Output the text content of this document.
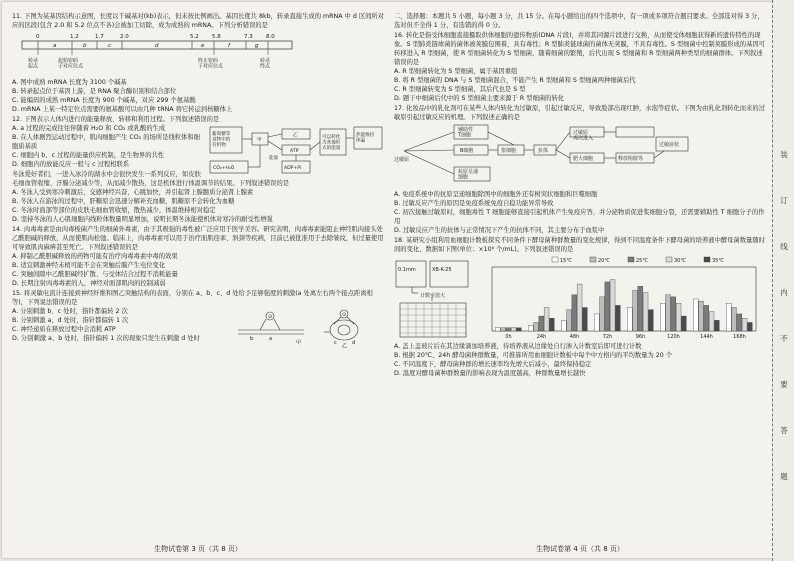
11. 下图为某基因结构示意图，长度以千碱基对(kb)表示，但未按比例画出。基因长度共 8kb，转录直接生成的 mRNA 中 d 区间所对应的区段(包含 2.0 和 5.2 位点不各)会被加工切除，成为成熟的 mRNA。下列分析错误的是

0	1.2	1.7	2.0	5.2 5.8	7.3 8.0
a	b	c	d	e	f	g
转录起点
起始密码子对应位点
终止密码子对应位点
转录终点
A. 图中成熟 mRNA 长度为 3100 个碱基
B. 转录起点位于基因上游，是 RNA 聚合酶识别和结合部位
C. 能编码的成熟 mRNA 长度为 900 个碱基，对应 299 个氨基酸
D. mRNA 上某一特定位点需要的氨基酸可以由几种 tRNA 将它转运到核糖体上

12. 下图表示人体内进行的能量释放、转移和利用过程。下列叙述错误的是

葡萄糖等食物中的有机物
甲
乙
ATP
可以转化为其他形式的能量
热能维持体温
CO₂+H₂O	ADP+Pi
能量
A. a 过程的完成往往伴随着 H₂O 和 CO₂ 或乳酸的生成
B. 在人体剧烈运动过程中，肌肉细胞产生 CO₂ 的场所是线粒体和细胞质基质
C. 细胞内 b、c 过程的能量供应机制，是生物界的共性
D. 细胞内的放能反应一般与 c 过程相联系

冬泳爱好者们，一进入冰冷的湖水中会很快发生一系列反应，如皮肤毛细血管收缩、汗腺分泌减少等，从而减少散热，这是机体进行体温调节的结果。下列叙述错误的是

A. 冬泳人受到寒冷刺激后，交感神经兴奋，心跳加快，并引起肾上腺髓质分泌肾上腺素
B. 冬泳人在游泳的过程中，肝糖原会迅速分解补充血糖，肌糖原不会转化为血糖
C. 冬泳时面部等部位的皮肤毛细血管收缩，散热减少，体温维持相对稳定
D. 坚持冬泳的人心肌细胞内线粒体数量明显增加，说明长期冬泳能使机体对寒冷的耐受性增强

14. 肉毒毒素是由肉毒梭菌产生的细菌外毒素，由于其极强的毒性被广泛应用于医学美容。研究表明，肉毒毒素能阻止神经肌肉接头处乙酰胆碱的释放，从而使肌肉松弛。临床上，肉毒毒素可以用于治疗面肌痉挛、斜颈等疾病，目前已被批准用于去除皱纹，但过量使用可导致肌肉麻痹甚至死亡。下列叙述错误的是

A. 抑制乙酰胆碱释放的药物可能有治疗肉毒毒素中毒的效果
B. 适宜刺激神经末梢可能不会在突触后膜产生电位变化
C. 突触间隙中乙酰胆碱经扩散、与受体结合过程不消耗能量
D. 长期注射肉毒毒素的人，神经对面部肌肉的控制减弱

15. 将灵敏电流计连接到神经纤维和图乙突触结构的表面，分别在 a、b、c、d 处给予足够强度的刺激(a 处离左右两个接点距离相等)，下列说法错误的是

⊙	⊙
a
b
c	d
甲	乙
A. 分别刺激 b、c 处时，指针都偏转 2 次
B. 分别刺激 a、d 处时，指针都偏转 1 次
C. 神经递质在释放过程中会消耗 ATP
D. 分别刺激 a、b 处时，指针偏转 1 次的现象只发生在刺激 d 处时
二、选择题：本题共 5 小题，每小题 3 分，共 15 分。在每小题给出的四个选项中，有一项或多项符合题目要求。全部选对得 3 分，选对但不全得 1 分，有选错的得 0 分。

16. 转化是指受体细胞直接摄取供体细胞的遗传物质(DNA 片段)，并将其同源片段进行交换，从而使受体细胞获得新的遗传特性的现象。S 型肺炎链球菌的菌体被荚膜包围着，具有毒性；R 型肺炎链球菌的菌体无荚膜，不具有毒性。S 型细菌中控制荚膜形成的基因可转移进入 R 型细菌，使 R 型细菌转化为 S 型细菌，随着细菌的繁殖，后代出现 S 型细菌和 R 型细菌两种类型的细菌群体。下列叙述错误的是

A. R 型细菌转化为 S 型细菌，属于基因重组
B. 将 R 型细菌的 DNA 与 S 型细菌混合，不能产生 R 型细菌和 S 型细菌两种细菌后代
C. R 型细菌转变为 S 型细菌，其后代也是 S 型
D. 题干中细菌后代中的 S 型细菌主要来源于 R 型细菌的转化

17. 化妆品中的乳化剂可在某些人体内转化为过敏原，引起过敏反应，导致脸部出现红肿，水泡等症状。下图为由乳化剂转化而来的过敏原引起过敏反应的机理。下列叙述正确的是

过敏原
辅助性 T细胞
抗原呈递细胞
B细胞	浆细胞	抗体
肥大细胞
过敏原再次进入
释放组胺等
过敏症状
A. 免疫系统中的抗原呈递细胞除图中的细胞外还有树突状细胞和巨噬细胞
B. 过敏反应产生的原因是免疫系统免疫自稳功能异常导致
C. 初次接触过敏原时，细胞毒性 T 细胞能够直接引起机体产生免疫应答，并分泌物质促进浆细胞分裂，还需要辅助性 T 细胞分子的作用
D. 过敏反应产生的抗体与正常情况下产生的抗体不同，其主要分布于血浆中

18. 某研究小组利用血细胞计数板探究不同条件下酵母菌种群数量的变化规律，得到不同温度条件下酵母菌的培养液中酵母菌数量随时间的变化，数据如下图(单位：×10⁶ 个/mL)。下列叙述错误的是

0.1mm	XB-K-25
计数室放大
15℃	20℃	25℃	30℃	35℃
0h	24h	48h	72h	96h	120h	144h	168h
A. 盖上盖玻片后在其边缘滴加培养液，待培养液从边缘处自行渗入计数室后即可进行计数
B. 根据 20℃、24h 酵母菌种群数量，可推算所用血细胞计数板中每个中方格内的平均数量为 20 个
C. 不同温度下，酵母菌种群的增长速率均先增大后减小，最终保持稳定
D. 温度对酵母菌种群数量的影响表现为温度越高，种群数量增长越快
生物试卷第 3 页（共 8 页）	生物试卷第 4 页（共 8 页）
装
订
线
内
不
要
答
题
